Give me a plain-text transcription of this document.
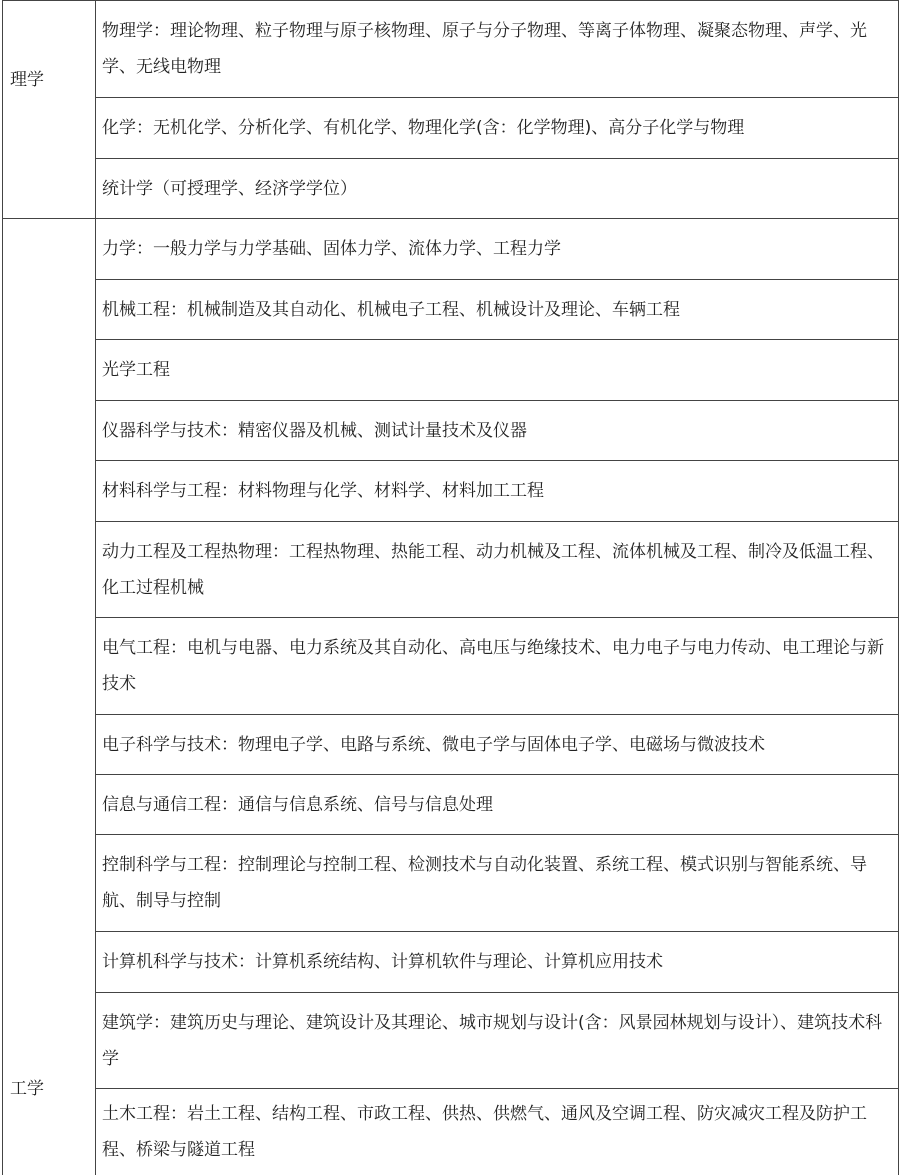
理学
工学
物理学：理论物理、粒子物理与原子核物理、原子与分子物理、等离子体物理、凝聚态物理、声学、光学、无线电物理
化学：无机化学、分析化学、有机化学、物理化学(含：化学物理)、高分子化学与物理
统计学（可授理学、经济学学位）
力学：一般力学与力学基础、固体力学、流体力学、工程力学
机械工程：机械制造及其自动化、机械电子工程、机械设计及理论、车辆工程
光学工程
仪器科学与技术：精密仪器及机械、测试计量技术及仪器
材料科学与工程：材料物理与化学、材料学、材料加工工程
动力工程及工程热物理：工程热物理、热能工程、动力机械及工程、流体机械及工程、制冷及低温工程、化工过程机械
电气工程：电机与电器、电力系统及其自动化、高电压与绝缘技术、电力电子与电力传动、电工理论与新技术
电子科学与技术：物理电子学、电路与系统、微电子学与固体电子学、电磁场与微波技术
信息与通信工程：通信与信息系统、信号与信息处理
控制科学与工程：控制理论与控制工程、检测技术与自动化装置、系统工程、模式识别与智能系统、导航、制导与控制
计算机科学与技术：计算机系统结构、计算机软件与理论、计算机应用技术
建筑学：建筑历史与理论、建筑设计及其理论、城市规划与设计(含：风景园林规划与设计）、建筑技术科学
土木工程：岩土工程、结构工程、市政工程、供热、供燃气、通风及空调工程、防灾减灾工程及防护工程、桥梁与隧道工程
